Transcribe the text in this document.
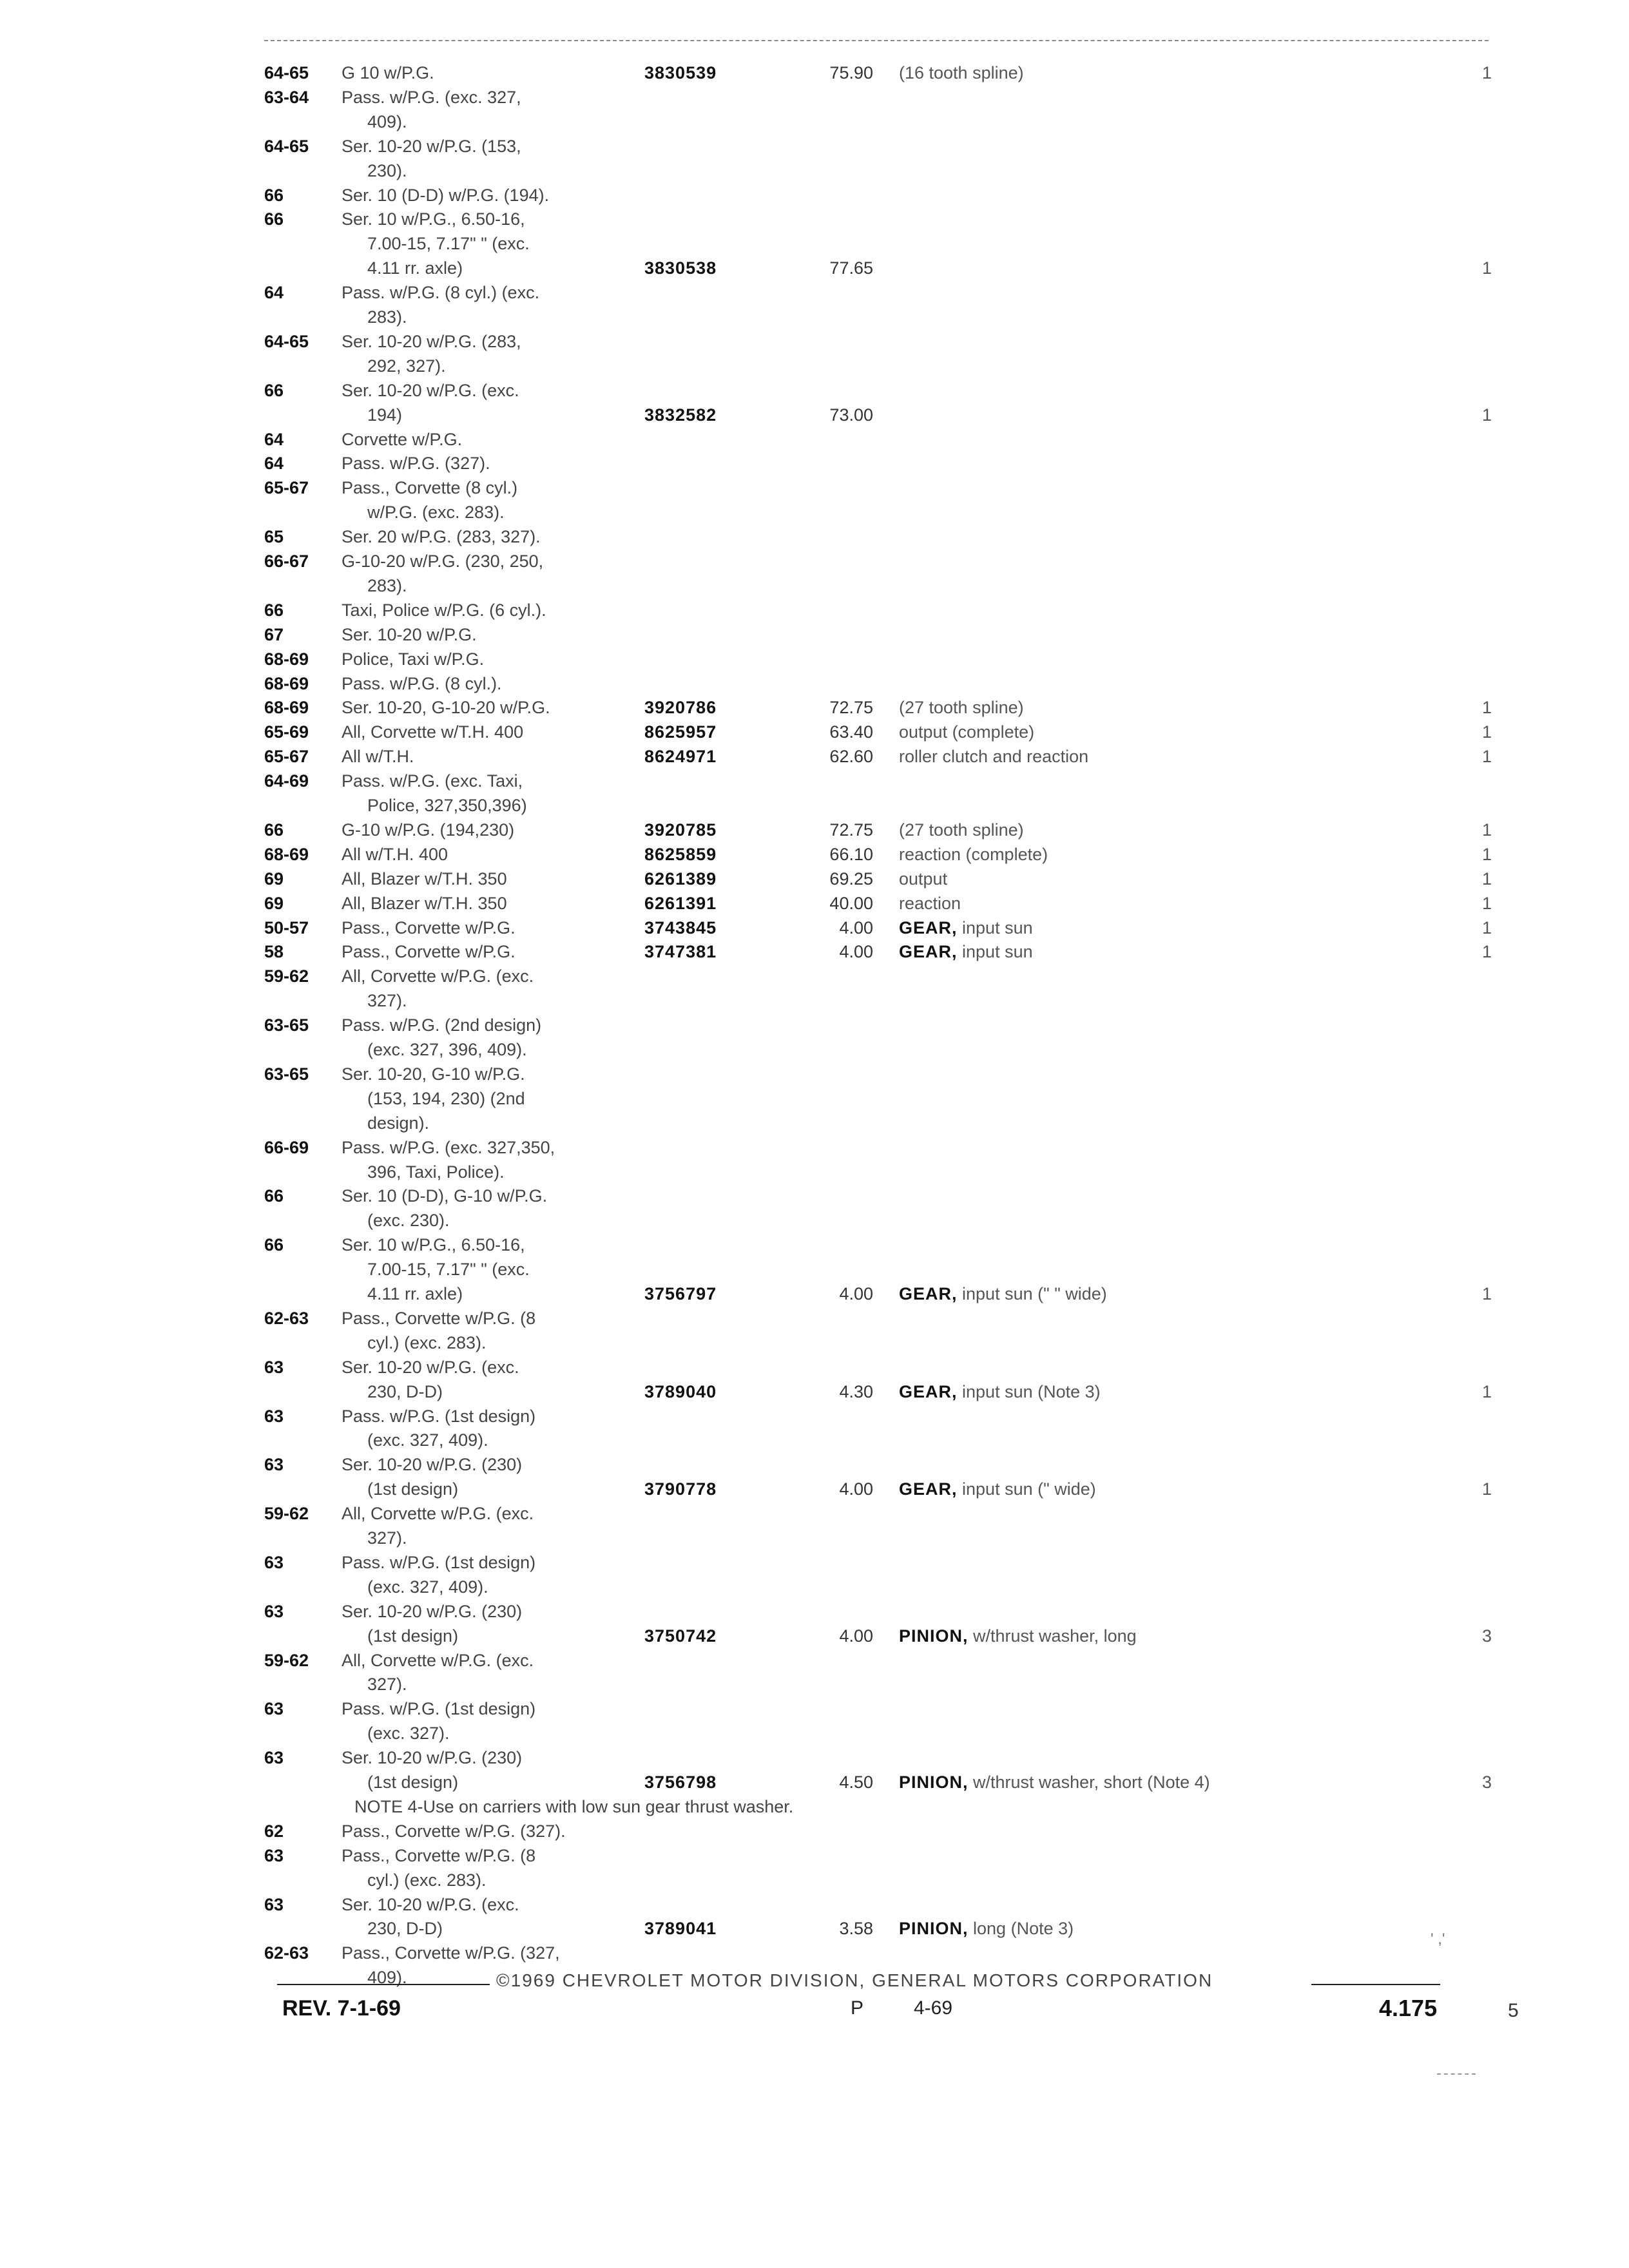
64-65 G 10 w/P.G.	3830539	75.90 (16 tooth spline)	1
63-64 Pass. w/P.G. (exc. 327,
409).
64-65 Ser. 10-20 w/P.G. (153,
230).
66	Ser. 10 (D-D) w/P.G. (194).
66	Ser. 10 w/P.G., 6.50-16,
7.00-15, 7.17" " (exc.
4.11 rr. axle)	3830538	77.65	1
64	Pass. w/P.G. (8 cyl.) (exc.
283).
64-65 Ser. 10-20 w/P.G. (283,
292, 327).
66	Ser. 10-20 w/P.G. (exc.
194)	3832582	73.00	1
64	Corvette w/P.G.
64	Pass. w/P.G. (327).
65-67 Pass., Corvette (8 cyl.)
w/P.G. (exc. 283).
65	Ser. 20 w/P.G. (283, 327).
66-67 G-10-20 w/P.G. (230, 250,
283).
66	Taxi, Police w/P.G. (6 cyl.).
67	Ser. 10-20 w/P.G.
68-69 Police, Taxi w/P.G.
68-69 Pass. w/P.G. (8 cyl.).
68-69 Ser. 10-20, G-10-20 w/P.G.	3920786	72.75 (27 tooth spline)	1
65-69 All, Corvette w/T.H. 400	8625957	63.40 output (complete)	1
65-67 All w/T.H.	8624971	62.60 roller clutch and reaction	1
64-69 Pass. w/P.G. (exc. Taxi,
Police, 327,350,396)
66	G-10 w/P.G. (194,230)	3920785	72.75 (27 tooth spline)	1
68-69 All w/T.H. 400	8625859	66.10 reaction (complete)	1
69	All, Blazer w/T.H. 350	6261389	69.25 output	1
69	All, Blazer w/T.H. 350	6261391	40.00 reaction	1
50-57 Pass., Corvette w/P.G.	3743845	4.00 GEAR, input sun	1
58	Pass., Corvette w/P.G.	3747381	4.00 GEAR, input sun	1
59-62 All, Corvette w/P.G. (exc.
327).
63-65 Pass. w/P.G. (2nd design)
(exc. 327, 396, 409).
63-65 Ser. 10-20, G-10 w/P.G.
(153, 194, 230) (2nd
design).
66-69 Pass. w/P.G. (exc. 327,350,
396, Taxi, Police).
66	Ser. 10 (D-D), G-10 w/P.G.
(exc. 230).
66	Ser. 10 w/P.G., 6.50-16,
7.00-15, 7.17" " (exc.
4.11 rr. axle)	3756797	4.00 GEAR, input sun (" " wide)	1
62-63 Pass., Corvette w/P.G. (8
cyl.) (exc. 283).
63	Ser. 10-20 w/P.G. (exc.
230, D-D)	3789040	4.30 GEAR, input sun (Note 3)	1
63	Pass. w/P.G. (1st design)
(exc. 327, 409).
63	Ser. 10-20 w/P.G. (230)
(1st design)	3790778	4.00 GEAR, input sun (" wide)	1
59-62 All, Corvette w/P.G. (exc.
327).
63	Pass. w/P.G. (1st design)
(exc. 327, 409).
63	Ser. 10-20 w/P.G. (230)
(1st design)	3750742	4.00 PINION, w/thrust washer, long	3
59-62 All, Corvette w/P.G. (exc.
327).
63	Pass. w/P.G. (1st design)
(exc. 327).
63	Ser. 10-20 w/P.G. (230)
(1st design)	3756798	4.50 PINION, w/thrust washer, short (Note 4)	3
NOTE 4-Use on carriers with low sun gear thrust washer.
62	Pass., Corvette w/P.G. (327).
63	Pass., Corvette w/P.G. (8
cyl.) (exc. 283).
63	Ser. 10-20 w/P.G. (exc.
230, D-D)	3789041	3.58 PINION, long (Note 3)
62-63 Pass., Corvette w/P.G. (327,
409).	©1969 CHEVROLET MOTOR DIVISION, GENERAL MOTORS CORPORATION
REV. 7-1-69	P	4-69	4.175	5
' ,'
